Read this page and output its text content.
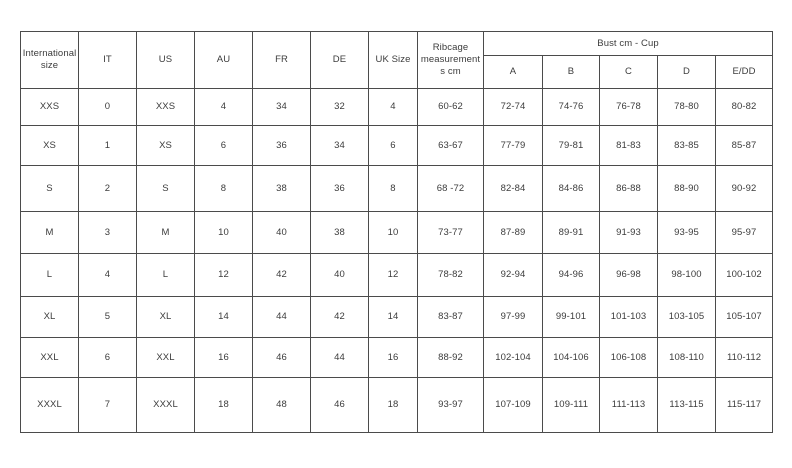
International size	IT	US	AU	FR	DE	UK Size	Ribcage measurements cm	Bust cm - Cup				
								A	B	C	D	E/DD
XXS	0	XXS	4	34	32	4	60-62	72-74	74-76	76-78	78-80	80-82
XS	1	XS	6	36	34	6	63-67	77-79	79-81	81-83	83-85	85-87
S	2	S	8	38	36	8	68 -72	82-84	84-86	86-88	88-90	90-92
M	3	M	10	40	38	10	73-77	87-89	89-91	91-93	93-95	95-97
L	4	L	12	42	40	12	78-82	92-94	94-96	96-98	98-100	100-102
XL	5	XL	14	44	42	14	83-87	97-99	99-101	101-103	103-105	105-107
XXL	6	XXL	16	46	44	16	88-92	102-104	104-106	106-108	108-110	110-112
XXXL	7	XXXL	18	48	46	18	93-97	107-109	109-111	111-113	113-115	115-117
